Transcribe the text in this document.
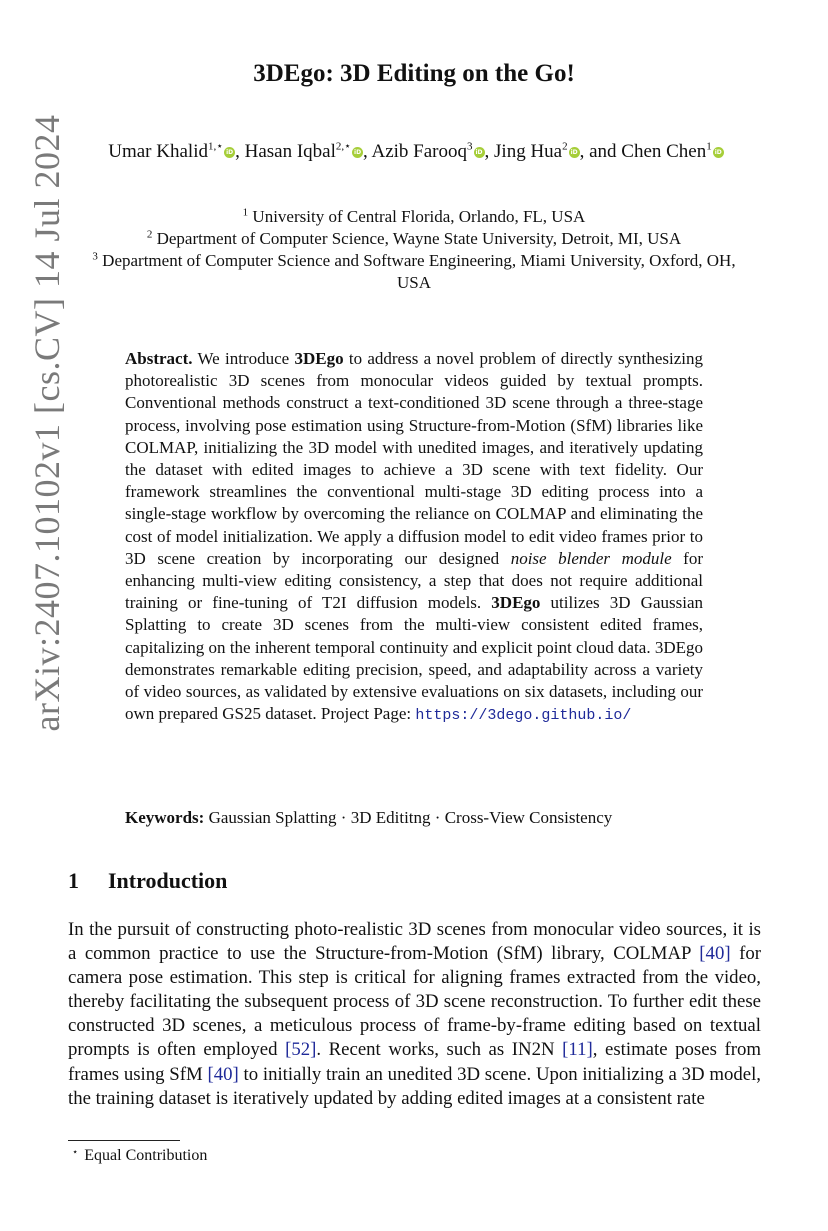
arXiv:2407.10102v1 [cs.CV] 14 Jul 2024
3DEgo: 3D Editing on the Go!
Umar Khalid$^{1,⋆}$ iD , Hasan Iqbal$^{2,⋆}$ iD , Azib Farooq$^3$ iD , Jing Hua$^2$ iD , and Chen Chen$^1$ iD
$^1$ University of Central Florida, Orlando, FL, USA
$^2$ Department of Computer Science, Wayne State University, Detroit, MI, USA
$^3$ Department of Computer Science and Software Engineering, Miami University, Oxford, OH, USA
Abstract. We introduce 3DEgo to address a novel problem of directly synthesizing photorealistic 3D scenes from monocular videos guided by textual prompts. Conventional methods construct a text-conditioned 3D scene through a three-stage process, involving pose estimation using Structure-from-Motion (SfM) libraries like COLMAP, initializing the 3D model with unedited images, and iteratively updating the dataset with edited images to achieve a 3D scene with text fidelity. Our framework streamlines the conventional multi-stage 3D editing process into a single-stage workflow by overcoming the reliance on COLMAP and eliminating the cost of model initialization. We apply a diffusion model to edit video frames prior to 3D scene creation by incorporating our designed noise blender module for enhancing multi-view editing consistency, a step that does not require additional training or fine-tuning of T2I diffusion models. 3DEgo utilizes 3D Gaussian Splatting to create 3D scenes from the multi-view consistent edited frames, capitalizing on the inherent temporal continuity and explicit point cloud data. 3DEgo demonstrates remarkable editing precision, speed, and adaptability across a variety of video sources, as validated by extensive evaluations on six datasets, including our own prepared GS25 dataset. Project Page: https://3dego.github.io/
Keywords: Gaussian Splatting · 3D Edititng · Cross-View Consistency
1 Introduction
In the pursuit of constructing photo-realistic 3D scenes from monocular video sources, it is a common practice to use the Structure-from-Motion (SfM) library, COLMAP [40] for camera pose estimation. This step is critical for aligning frames extracted from the video, thereby facilitating the subsequent process of 3D scene reconstruction. To further edit these constructed 3D scenes, a meticulous process of frame-by-frame editing based on textual prompts is often employed [52]. Recent works, such as IN2N [11], estimate poses from frames using SfM [40] to initially train an unedited 3D scene. Upon initializing a 3D model, the training dataset is iteratively updated by adding edited images at a consistent rate
⋆ Equal Contribution
